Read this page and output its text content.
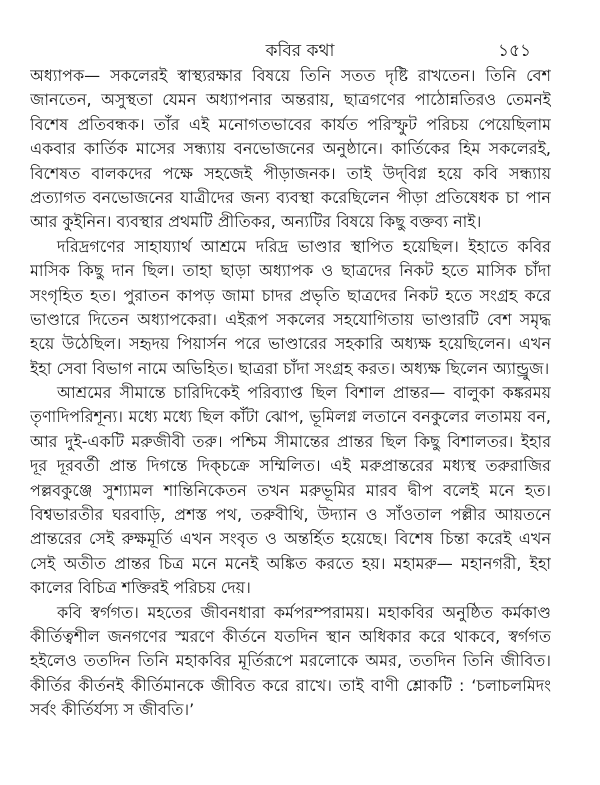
কবির কথা	১৫১
অধ্যাপক— সকলেরই স্বাস্থ্যরক্ষার বিষয়ে তিনি সতত দৃষ্টি রাখতেন। তিনি বেশ
জানতেন, অসুস্থতা যেমন অধ্যাপনার অন্তরায়, ছাত্রগণের পাঠোন্নতিরও তেমনই
বিশেষ প্রতিবন্ধক। তাঁর এই মনোগতভাবের কার্যত পরিস্ফুট পরিচয় পেয়েছিলাম
একবার কার্তিক মাসের সন্ধ্যায় বনভোজনের অনুষ্ঠানে। কার্তিকের হিম সকলেরই,
বিশেষত বালকদের পক্ষে সহজেই পীড়াজনক। তাই উদ্‌বিগ্ন হয়ে কবি সন্ধ্যায়
প্রত্যাগত বনভোজনের যাত্রীদের জন্য ব্যবস্থা করেছিলেন পীড়া প্রতিষেধক চা পান
আর কুইনিন। ব্যবস্থার প্রথমটি প্রীতিকর, অন্যটির বিষয়ে কিছু বক্তব্য নাই।
দরিদ্রগণের সাহায্যার্থ আশ্রমে দরিদ্র ভাণ্ডার স্থাপিত হয়েছিল। ইহাতে কবির
মাসিক কিছু দান ছিল। তাহা ছাড়া অধ্যাপক ও ছাত্রদের নিকট হতে মাসিক চাঁদা
সংগৃহিত হত। পুরাতন কাপড় জামা চাদর প্রভৃতি ছাত্রদের নিকট হতে সংগ্রহ করে
ভাণ্ডারে দিতেন অধ্যাপকেরা। এইরূপ সকলের সহযোগিতায় ভাণ্ডারটি বেশ সমৃদ্ধ
হয়ে উঠেছিল। সহৃদয় পিয়ার্সন পরে ভাণ্ডারের সহকারি অধ্যক্ষ হয়েছিলেন। এখন
ইহা সেবা বিভাগ নামে অভিহিত। ছাত্ররা চাঁদা সংগ্রহ করত। অধ্যক্ষ ছিলেন অ্যান্ড্রুজ।
আশ্রমের সীমান্তে চারিদিকেই পরিব্যাপ্ত ছিল বিশাল প্রান্তর— বালুকা কঙ্করময়
তৃণাদিপরিশূন্য। মধ্যে মধ্যে ছিল কাঁটা ঝোপ, ভূমিলগ্ন লতানে বনকুলের লতাময় বন,
আর দুই-একটি মরুজীবী তরু। পশ্চিম সীমান্তের প্রান্তর ছিল কিছু বিশালতর। ইহার
দূর দূরবর্তী প্রান্ত দিগন্তে দিক্‌চক্রে সম্মিলিত। এই মরুপ্রান্তরের মধ্যস্থ তরুরাজির
পল্লবকুঞ্জে সুশ্যামল শান্তিনিকেতন তখন মরুভূমির মারব দ্বীপ বলেই মনে হত।
বিশ্বভারতীর ঘরবাড়ি, প্রশস্ত পথ, তরুবীথি, উদ্যান ও সাঁওতাল পল্লীর আয়তনে
প্রান্তরের সেই রুক্ষমূর্তি এখন সংবৃত ও অন্তর্হিত হয়েছে। বিশেষ চিন্তা করেই এখন
সেই অতীত প্রান্তর চিত্র মনে মনেই অঙ্কিত করতে হয়। মহামরু— মহানগরী, ইহা
কালের বিচিত্র শক্তিরই পরিচয় দেয়।
কবি স্বর্গগত। মহতের জীবনধারা কর্মপরম্পরাময়। মহাকবির অনুষ্ঠিত কর্মকাণ্ড
কীর্তিত্বশীল জনগণের স্মরণে কীর্তনে যতদিন স্থান অধিকার করে থাকবে, স্বর্গগত
হইলেও ততদিন তিনি মহাকবির মূর্তিরূপে মরলোকে অমর, ততদিন তিনি জীবিত।
কীর্তির কীর্তনই কীর্তিমানকে জীবিত করে রাখে। তাই বাণী শ্লোকটি : ‘চলাচলমিদং
সর্বং কীর্তির্যস্য স জীবতি।’
